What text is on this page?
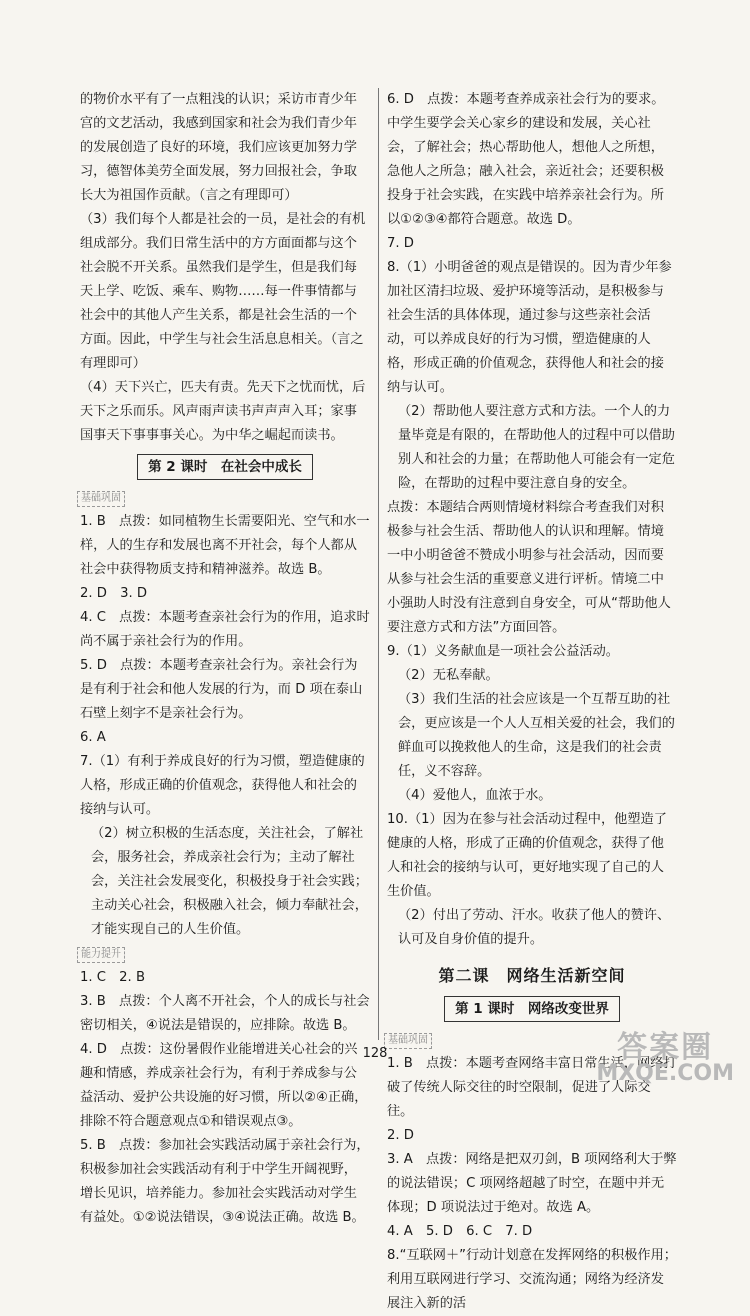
的物价水平有了一点粗浅的认识；采访市青少年宫的文艺活动，我感到国家和社会为我们青少年的发展创造了良好的环境，我们应该更加努力学习，德智体美劳全面发展，努力回报社会，争取长大为祖国作贡献。（言之有理即可）

（3）我们每个人都是社会的一员，是社会的有机组成部分。我们日常生活中的方方面面都与这个社会脱不开关系。虽然我们是学生，但是我们每天上学、吃饭、乘车、购物……每一件事情都与社会中的其他人产生关系，都是社会生活的一个方面。因此，中学生与社会生活息息相关。（言之有理即可）

（4）天下兴亡，匹夫有责。先天下之忧而忧，后天下之乐而乐。风声雨声读书声声声入耳；家事国事天下事事事关心。为中华之崛起而读书。

第 2 课时　在社会中成长
基础巩固

1. B　点拨：如同植物生长需要阳光、空气和水一样，人的生存和发展也离不开社会，每个人都从社会中获得物质支持和精神滋养。故选 B。

2. D　3. D

4. C　点拨：本题考查亲社会行为的作用，追求时尚不属于亲社会行为的作用。

5. D　点拨：本题考查亲社会行为。亲社会行为是有利于社会和他人发展的行为，而 D 项在泰山石壁上刻字不是亲社会行为。

6. A

7.（1）有利于养成良好的行为习惯，塑造健康的人格，形成正确的价值观念，获得他人和社会的接纳与认可。

（2）树立积极的生活态度，关注社会，了解社会，服务社会，养成亲社会行为；主动了解社会，关注社会发展变化，积极投身于社会实践；主动关心社会，积极融入社会，倾力奉献社会，才能实现自己的人生价值。

能力提升

1. C　2. B

3. B　点拨：个人离不开社会，个人的成长与社会密切相关，④说法是错误的，应排除。故选 B。

4. D　点拨：这份暑假作业能增进关心社会的兴趣和情感，养成亲社会行为，有利于养成参与公益活动、爱护公共设施的好习惯，所以②④正确，排除不符合题意观点①和错误观点③。

5. B　点拨：参加社会实践活动属于亲社会行为，积极参加社会实践活动有利于中学生开阔视野，增长见识，培养能力。参加社会实践活动对学生有益处。①②说法错误，③④说法正确。故选 B。

6. D　点拨：本题考查养成亲社会行为的要求。中学生要学会关心家乡的建设和发展，关心社会，了解社会；热心帮助他人，想他人之所想，急他人之所急；融入社会，亲近社会；还要积极投身于社会实践，在实践中培养亲社会行为。所以①②③④都符合题意。故选 D。

7. D

8.（1）小明爸爸的观点是错误的。因为青少年参加社区清扫垃圾、爱护环境等活动，是积极参与社会生活的具体体现，通过参与这些亲社会活动，可以养成良好的行为习惯，塑造健康的人格，形成正确的价值观念，获得他人和社会的接纳与认可。

（2）帮助他人要注意方式和方法。一个人的力量毕竟是有限的，在帮助他人的过程中可以借助别人和社会的力量；在帮助他人可能会有一定危险，在帮助的过程中要注意自身的安全。

点拨：本题结合两则情境材料综合考查我们对积极参与社会生活、帮助他人的认识和理解。情境一中小明爸爸不赞成小明参与社会活动，因而要从参与社会生活的重要意义进行评析。情境二中小强助人时没有注意到自身安全，可从“帮助他人要注意方式和方法”方面回答。

9.（1）义务献血是一项社会公益活动。

（2）无私奉献。

（3）我们生活的社会应该是一个互帮互助的社会，更应该是一个人人互相关爱的社会，我们的鲜血可以挽救他人的生命，这是我们的社会责任，义不容辞。

（4）爱他人，血浓于水。

10.（1）因为在参与社会活动过程中，他塑造了健康的人格，形成了正确的价值观念，获得了他人和社会的接纳与认可，更好地实现了自己的人生价值。

（2）付出了劳动、汗水。收获了他人的赞许、认可及自身价值的提升。

第二课　网络生活新空间
第 1 课时　网络改变世界
基础巩固

1. B　点拨：本题考查网络丰富日常生活，网络打破了传统人际交往的时空限制，促进了人际交往。

2. D

3. A　点拨：网络是把双刃剑，B 项网络利大于弊的说法错误；C 项网络超越了时空，在题中并无体现；D 项说法过于绝对。故选 A。

4. A　5. D　6. C　7. D

8.“互联网＋”行动计划意在发挥网络的积极作用；利用互联网进行学习、交流沟通；网络为经济发展注入新的活

128	答案圈
MXQE.COM
